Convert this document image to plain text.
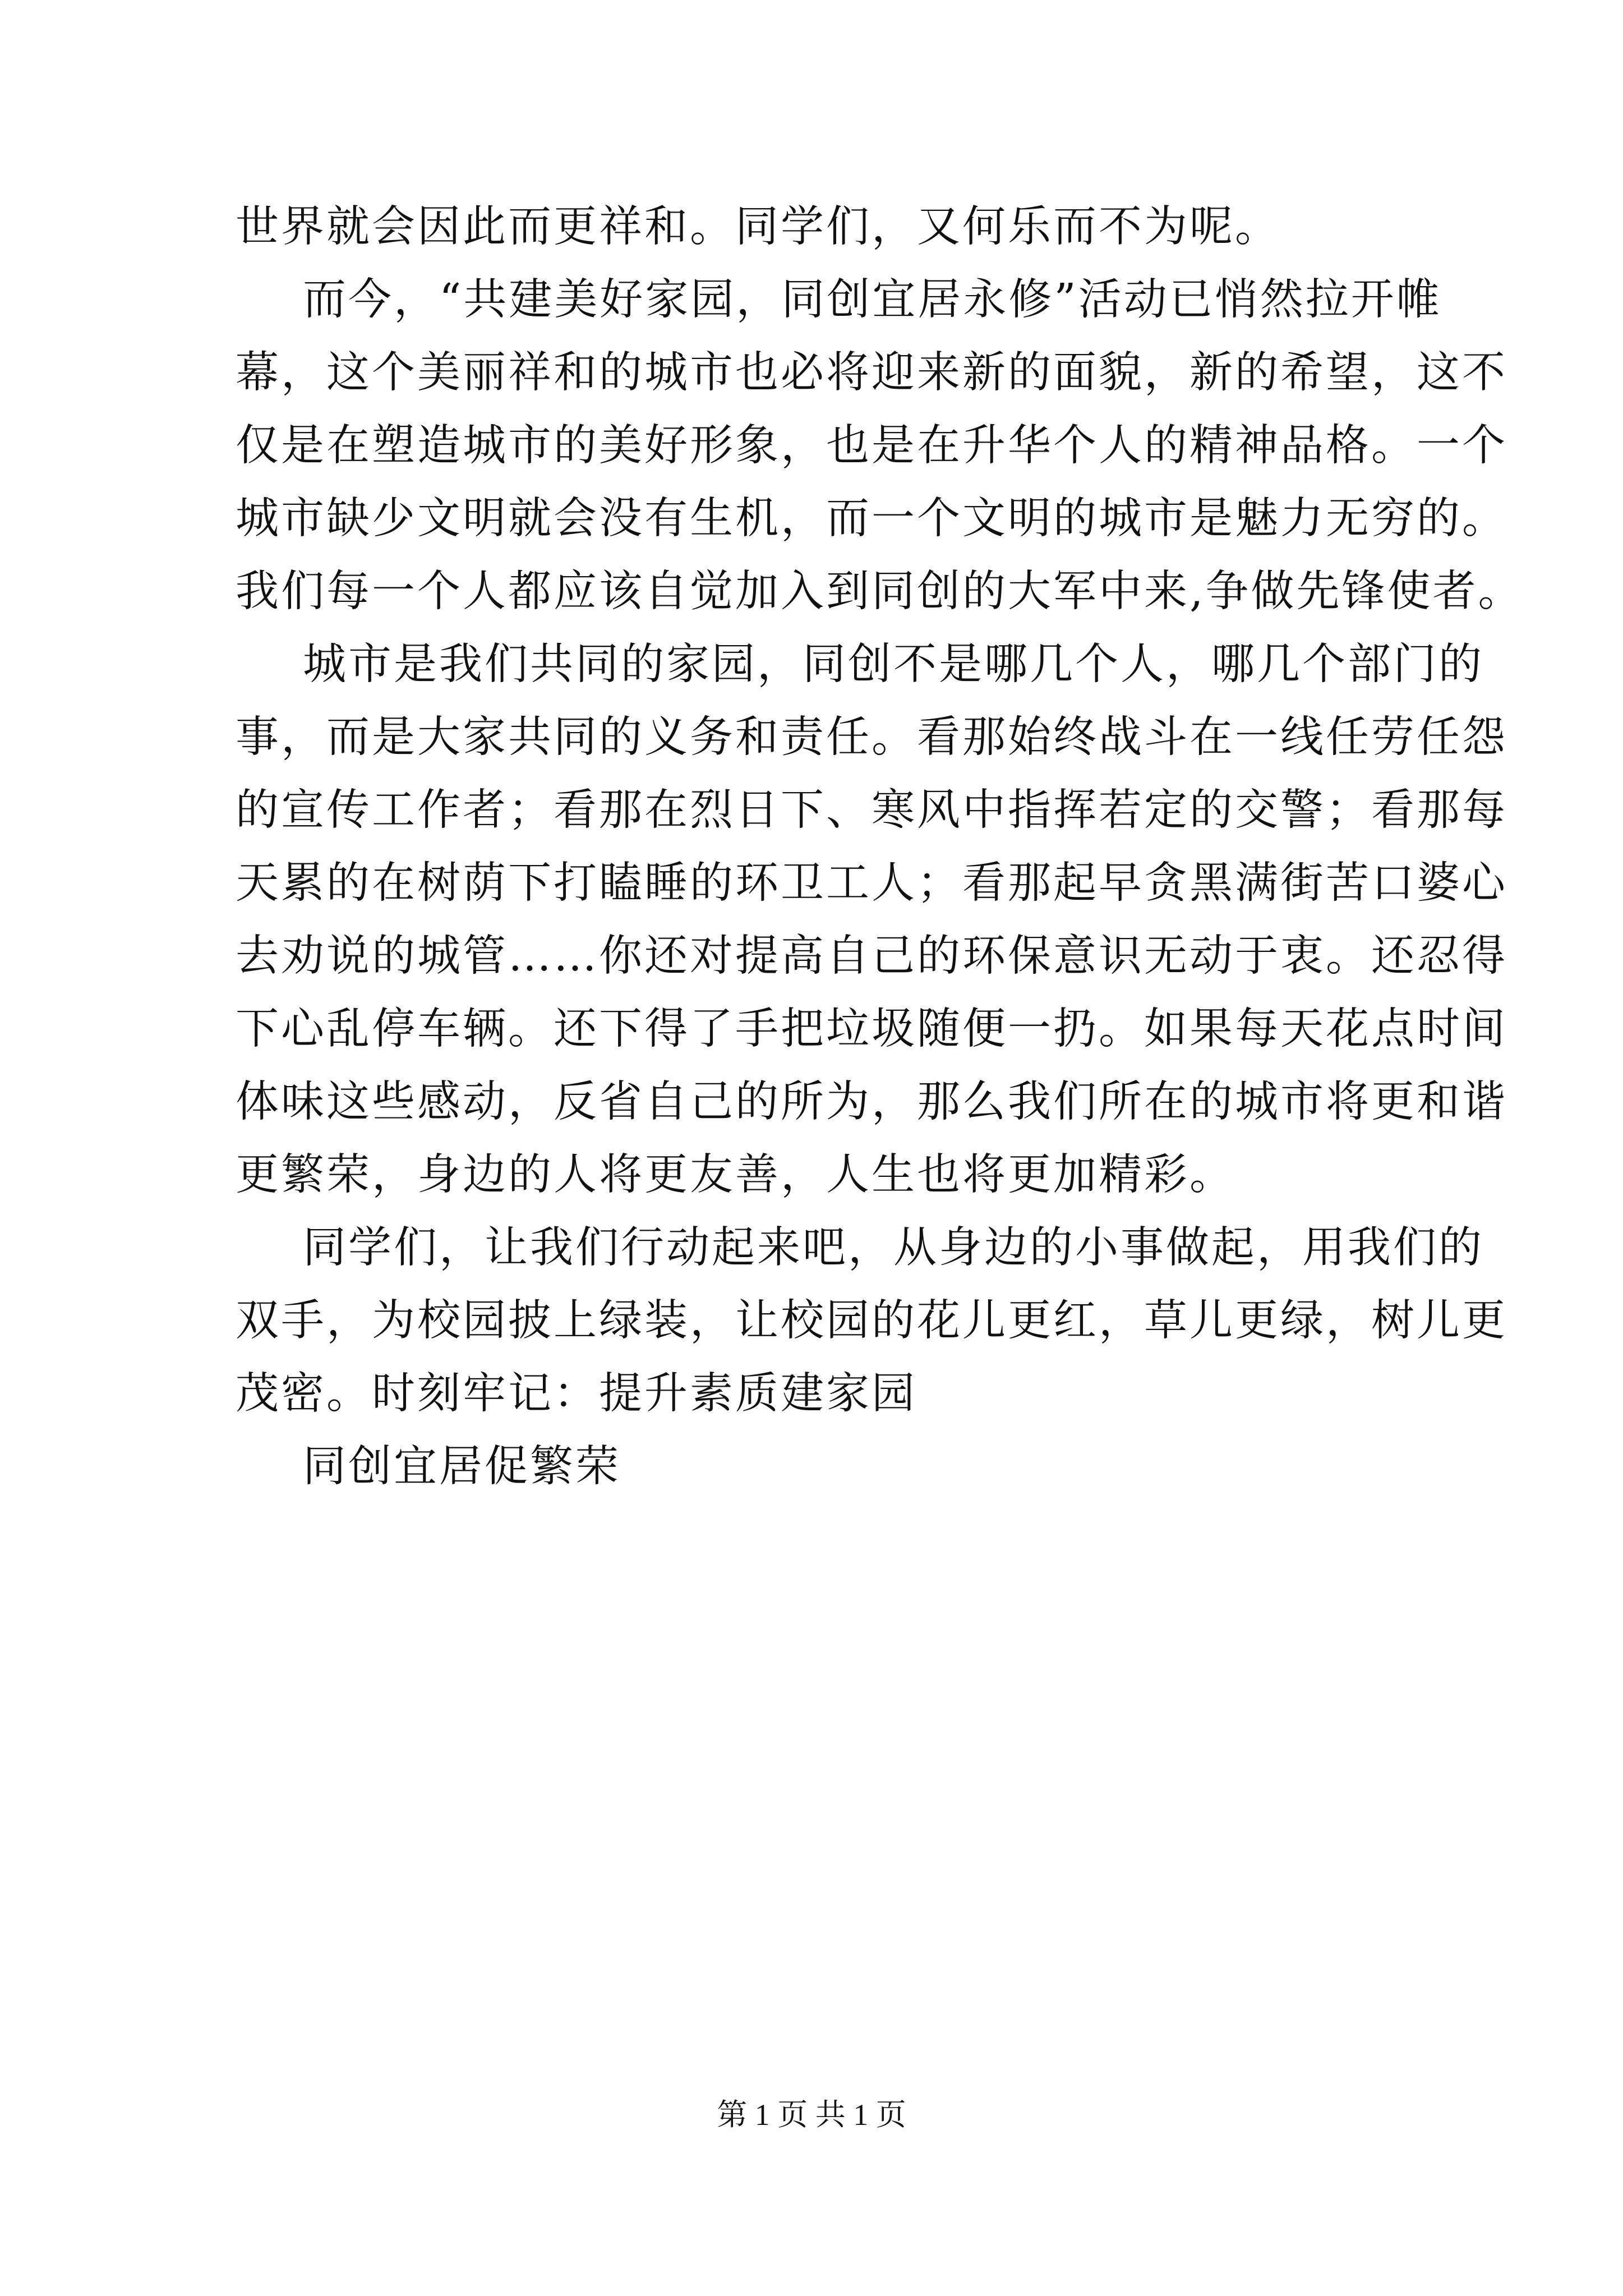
世界就会因此而更祥和。同学们，又何乐而不为呢。
而今，“共建美好家园，同创宜居永修”活动已悄然拉开帷
幕，这个美丽祥和的城市也必将迎来新的面貌，新的希望，这不
仅是在塑造城市的美好形象，也是在升华个人的精神品格。一个
城市缺少文明就会没有生机，而一个文明的城市是魅力无穷的。
我们每一个人都应该自觉加入到同创的大军中来,争做先锋使者。
城市是我们共同的家园，同创不是哪几个人，哪几个部门的
事，而是大家共同的义务和责任。看那始终战斗在一线任劳任怨
的宣传工作者；看那在烈日下、寒风中指挥若定的交警；看那每
天累的在树荫下打瞌睡的环卫工人；看那起早贪黑满街苦口婆心
去劝说的城管……你还对提高自己的环保意识无动于衷。还忍得
下心乱停车辆。还下得了手把垃圾随便一扔。如果每天花点时间
体味这些感动，反省自己的所为，那么我们所在的城市将更和谐
更繁荣，身边的人将更友善，人生也将更加精彩。
同学们，让我们行动起来吧，从身边的小事做起，用我们的
双手，为校园披上绿装，让校园的花儿更红，草儿更绿，树儿更
茂密。时刻牢记：提升素质建家园
同创宜居促繁荣
第 1 页 共 1 页
